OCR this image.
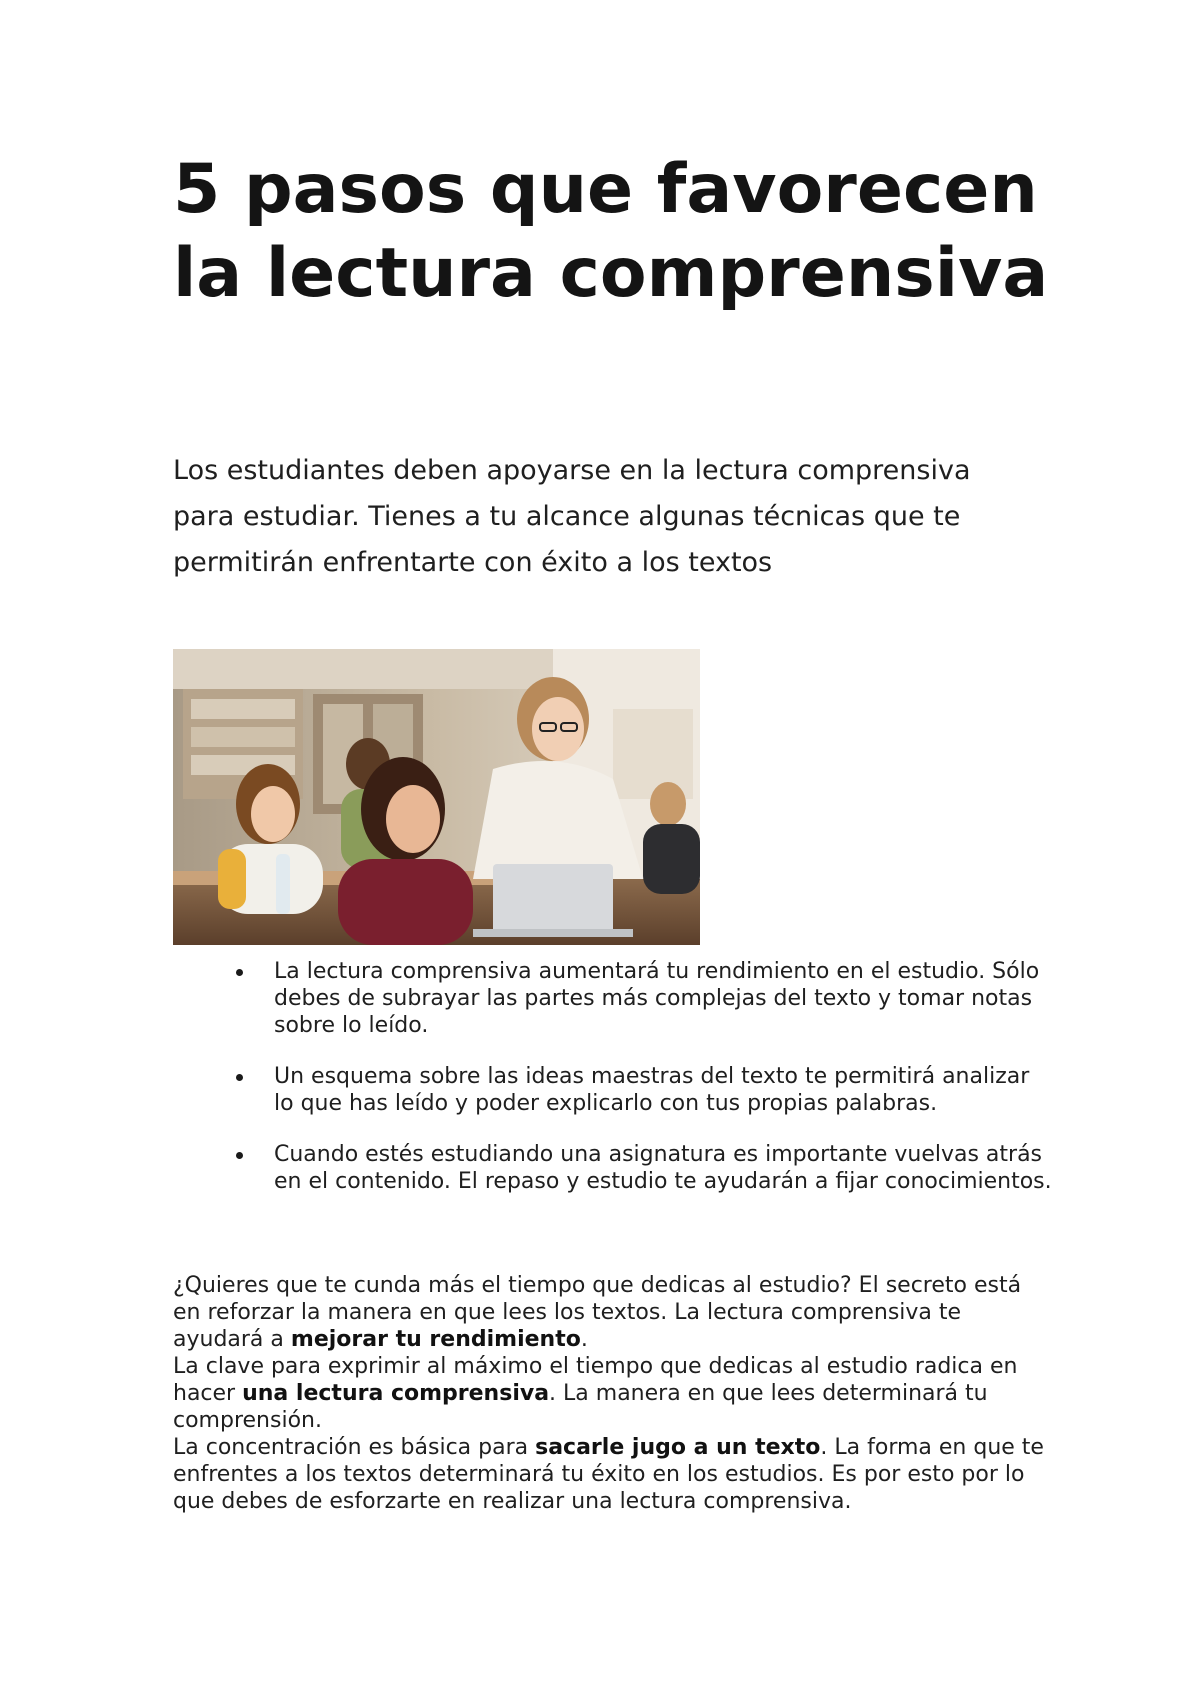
5 pasos que favorecen la lectura comprensiva

Los estudiantes deben apoyarse en la lectura comprensiva para estudiar. Tienes a tu alcance algunas técnicas que te permitirán enfrentarte con éxito a los textos

La lectura comprensiva aumentará tu rendimiento en el estudio. Sólo debes de subrayar las partes más complejas del texto y tomar notas sobre lo leído.
Un esquema sobre las ideas maestras del texto te permitirá analizar lo que has leído y poder explicarlo con tus propias palabras.
Cuando estés estudiando una asignatura es importante vuelvas atrás en el contenido. El repaso y estudio te ayudarán a fijar conocimientos.

¿Quieres que te cunda más el tiempo que dedicas al estudio? El secreto está en reforzar la manera en que lees los textos. La lectura comprensiva te ayudará a mejorar tu rendimiento.

La clave para exprimir al máximo el tiempo que dedicas al estudio radica en hacer una lectura comprensiva. La manera en que lees determinará tu comprensión.

La concentración es básica para sacarle jugo a un texto. La forma en que te enfrentes a los textos determinará tu éxito en los estudios. Es por esto por lo que debes de esforzarte en realizar una lectura comprensiva.
